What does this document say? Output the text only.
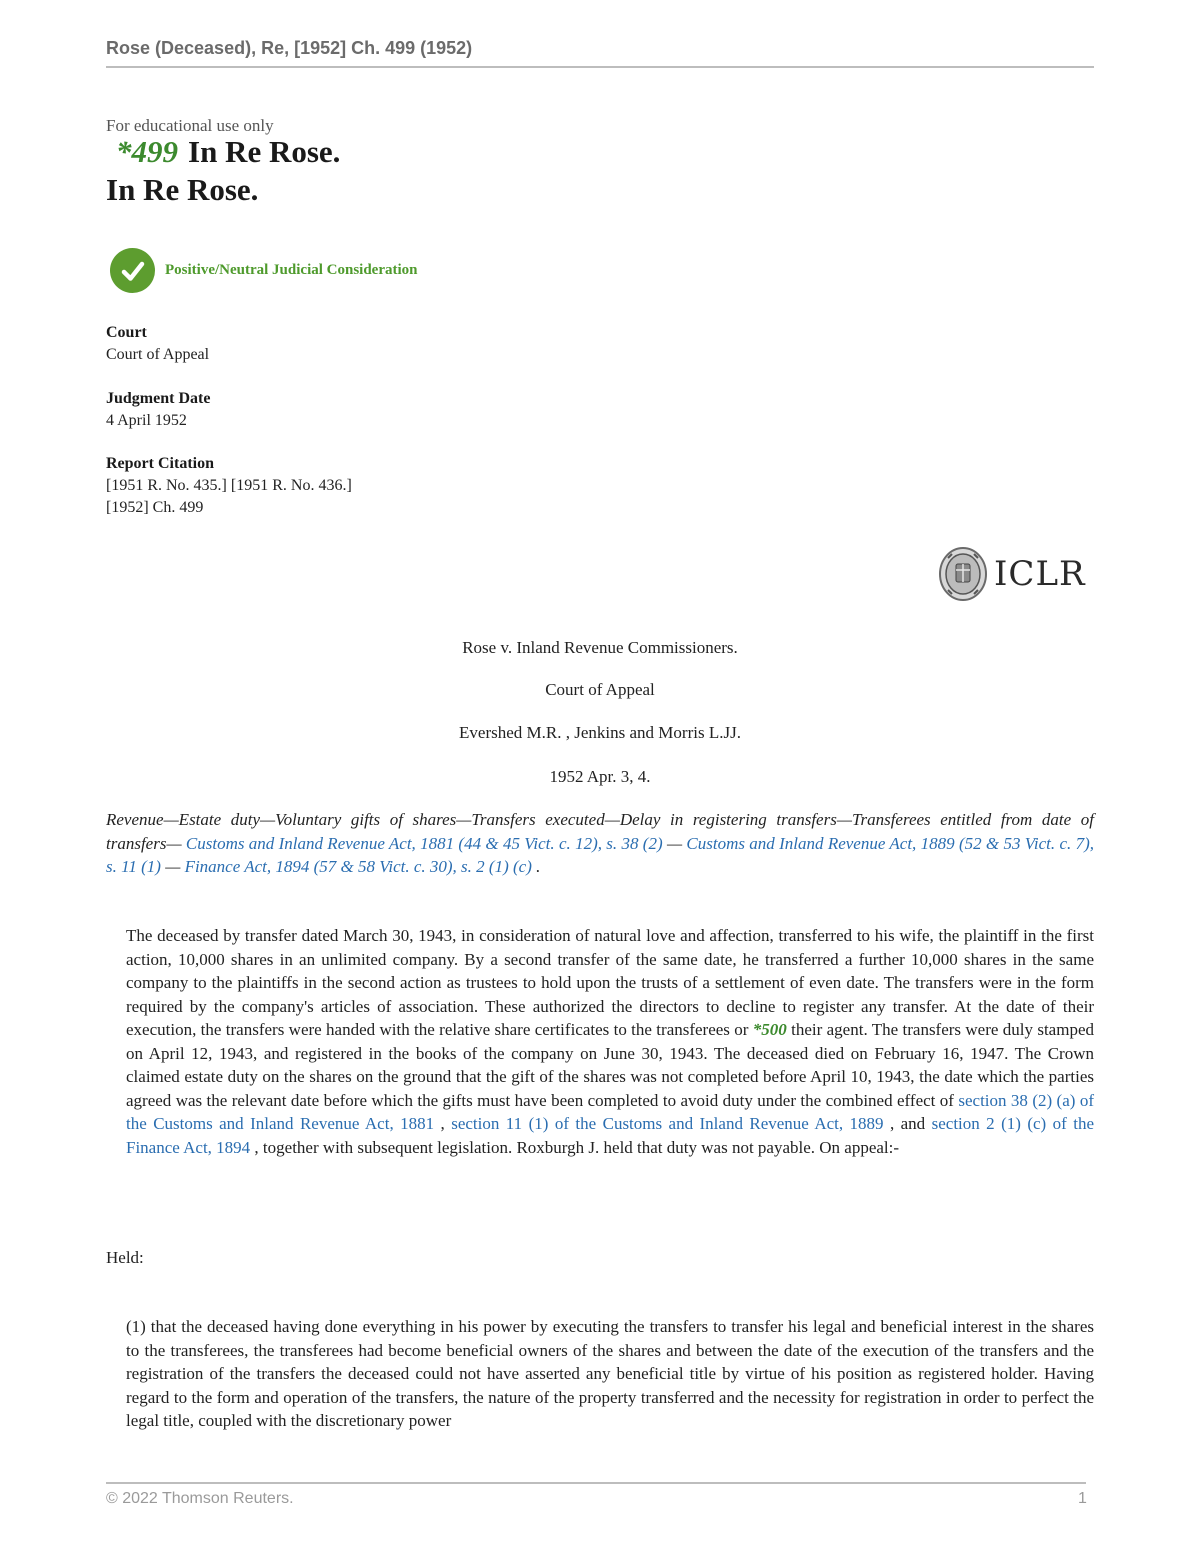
Rose (Deceased), Re, [1952] Ch. 499 (1952)
For educational use only
*499 In Re Rose.
In Re Rose.
Positive/Neutral Judicial Consideration
Court
Court of Appeal
Judgment Date
4 April 1952
Report Citation
[1951 R. No. 435.] [1951 R. No. 436.]
[1952] Ch. 499
ICLR
Rose v. Inland Revenue Commissioners.
Court of Appeal
Evershed M.R. , Jenkins and Morris L.JJ.
1952 Apr. 3, 4.
Revenue—Estate duty—Voluntary gifts of shares—Transfers executed—Delay in registering transfers—Transferees entitled from date of transfers— Customs and Inland Revenue Act, 1881 (44 & 45 Vict. c. 12), s. 38 (2) — Customs and Inland Revenue Act, 1889 (52 & 53 Vict. c. 7), s. 11 (1) — Finance Act, 1894 (57 & 58 Vict. c. 30), s. 2 (1) (c) .
The deceased by transfer dated March 30, 1943, in consideration of natural love and affection, transferred to his wife, the plaintiff in the first action, 10,000 shares in an unlimited company. By a second transfer of the same date, he transferred a further 10,000 shares in the same company to the plaintiffs in the second action as trustees to hold upon the trusts of a settlement of even date. The transfers were in the form required by the company's articles of association. These authorized the directors to decline to register any transfer. At the date of their execution, the transfers were handed with the relative share certificates to the transferees or *500 their agent. The transfers were duly stamped on April 12, 1943, and registered in the books of the company on June 30, 1943. The deceased died on February 16, 1947. The Crown claimed estate duty on the shares on the ground that the gift of the shares was not completed before April 10, 1943, the date which the parties agreed was the relevant date before which the gifts must have been completed to avoid duty under the combined effect of section 38 (2) (a) of the Customs and Inland Revenue Act, 1881 , section 11 (1) of the Customs and Inland Revenue Act, 1889 , and section 2 (1) (c) of the Finance Act, 1894 , together with subsequent legislation. Roxburgh J. held that duty was not payable. On appeal:-
Held:
(1) that the deceased having done everything in his power by executing the transfers to transfer his legal and beneficial interest in the shares to the transferees, the transferees had become beneficial owners of the shares and between the date of the execution of the transfers and the registration of the transfers the deceased could not have asserted any beneficial title by virtue of his position as registered holder. Having regard to the form and operation of the transfers, the nature of the property transferred and the necessity for registration in order to perfect the legal title, coupled with the discretionary power
© 2022 Thomson Reuters.	1
